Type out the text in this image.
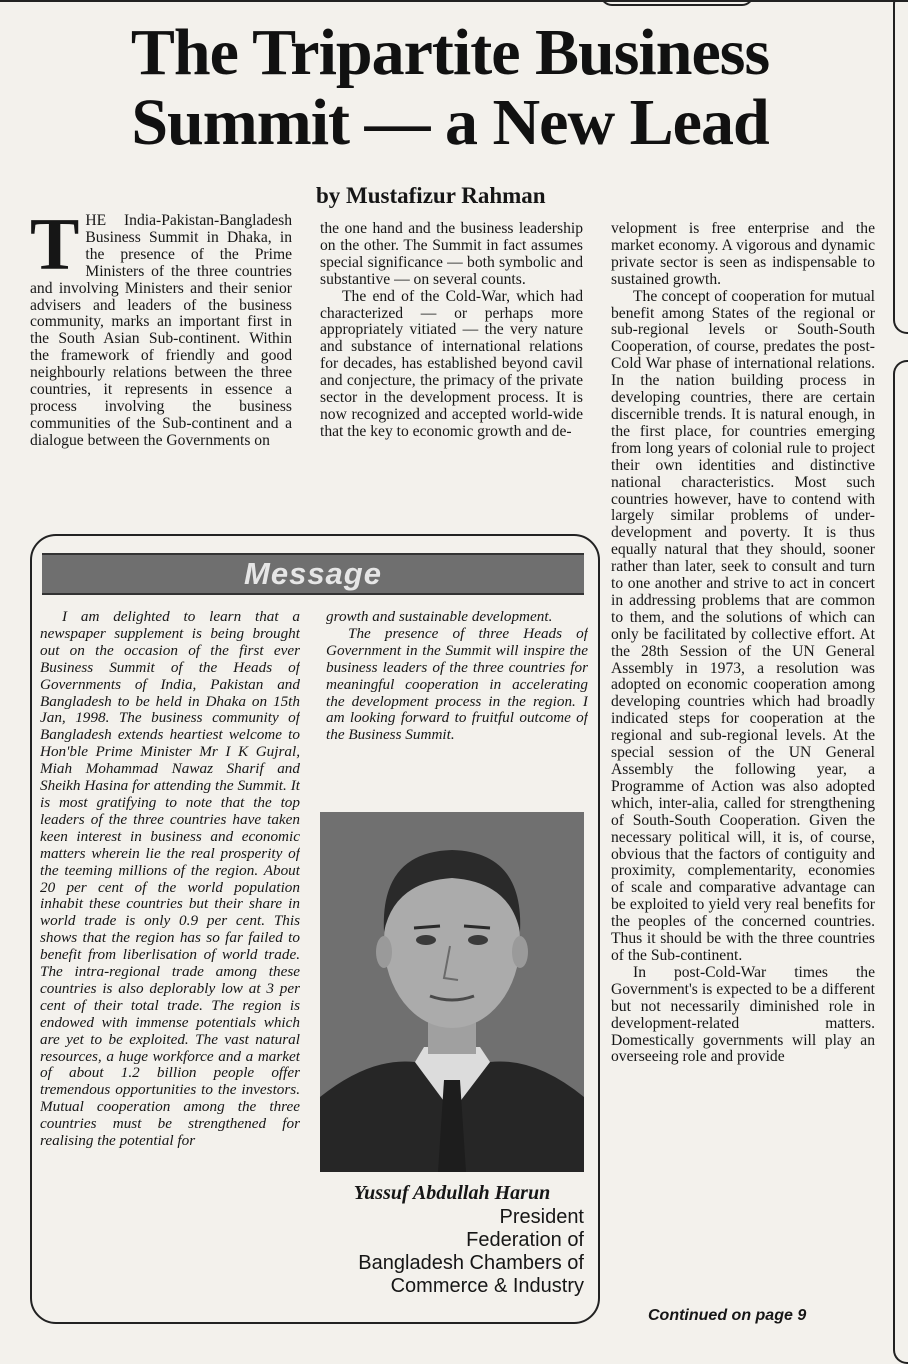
The Tripartite Business
Summit — a New Lead
by Mustafizur Rahman

THE India-Pakistan-Bangladesh Business Summit in Dhaka, in the presence of the Prime Ministers of the three countries and involving Ministers and their senior advisers and leaders of the business community, marks an important first in the South Asian Sub-continent. Within the framework of friendly and good neighbourly relations between the three countries, it represents in essence a process involving the business communities of the Sub-continent and a dialogue between the Governments on

the one hand and the business leadership on the other. The Summit in fact assumes special significance — both symbolic and substantive — on several counts.

The end of the Cold-War, which had characterized — or perhaps more appropriately vitiated — the very nature and substance of international relations for decades, has established beyond cavil and conjecture, the primacy of the private sector in the development process. It is now recognized and accepted world-wide that the key to economic growth and de-

velopment is free enterprise and the market economy. A vigorous and dynamic private sector is seen as indispensable to sustained growth.

The concept of cooperation for mutual benefit among States of the regional or sub-regional levels or South-South Cooperation, of course, predates the post-Cold War phase of international relations. In the nation building process in developing countries, there are certain discernible trends. It is natural enough, in the first place, for countries emerging from long years of colonial rule to project their own identities and distinctive national characteristics. Most such countries however, have to contend with largely similar problems of under-development and poverty. It is thus equally natural that they should, sooner rather than later, seek to consult and turn to one another and strive to act in concert in addressing problems that are common to them, and the solutions of which can only be facilitated by collective effort. At the 28th Session of the UN General Assembly in 1973, a resolution was adopted on economic cooperation among developing countries which had broadly indicated steps for cooperation at the regional and sub-regional levels. At the special session of the UN General Assembly the following year, a Programme of Action was also adopted which, inter-alia, called for strengthening of South-South Cooperation. Given the necessary political will, it is, of course, obvious that the factors of contiguity and proximity, complementarity, economies of scale and comparative advantage can be exploited to yield very real benefits for the peoples of the concerned countries. Thus it should be with the three countries of the Sub-continent.

In post-Cold-War times the Government's is expected to be a different but not necessarily diminished role in development-related matters. Domestically governments will play an overseeing role and provide

Continued on page 9
Message

I am delighted to learn that a newspaper supplement is being brought out on the occasion of the first ever Business Summit of the Heads of Governments of India, Pakistan and Bangladesh to be held in Dhaka on 15th Jan, 1998. The business community of Bangladesh extends heartiest welcome to Hon'ble Prime Minister Mr I K Gujral, Miah Mohammad Nawaz Sharif and Sheikh Hasina for attending the Summit. It is most gratifying to note that the top leaders of the three countries have taken keen interest in business and economic matters wherein lie the real prosperity of the teeming millions of the region. About 20 per cent of the world population inhabit these countries but their share in world trade is only 0.9 per cent. This shows that the region has so far failed to benefit from liberlisation of world trade. The intra-regional trade among these countries is also deplorably low at 3 per cent of their total trade. The region is endowed with immense potentials which are yet to be exploited. The vast natural resources, a huge workforce and a market of about 1.2 billion people offer tremendous opportunities to the investors. Mutual cooperation among the three countries must be strengthened for realising the potential for

growth and sustainable development.

The presence of three Heads of Government in the Summit will inspire the business leaders of the three countries for meaningful cooperation in accelerating the development process in the region. I am looking forward to fruitful outcome of the Business Summit.

Yussuf Abdullah Harun
President
Federation of
Bangladesh Chambers of
Commerce & Industry
